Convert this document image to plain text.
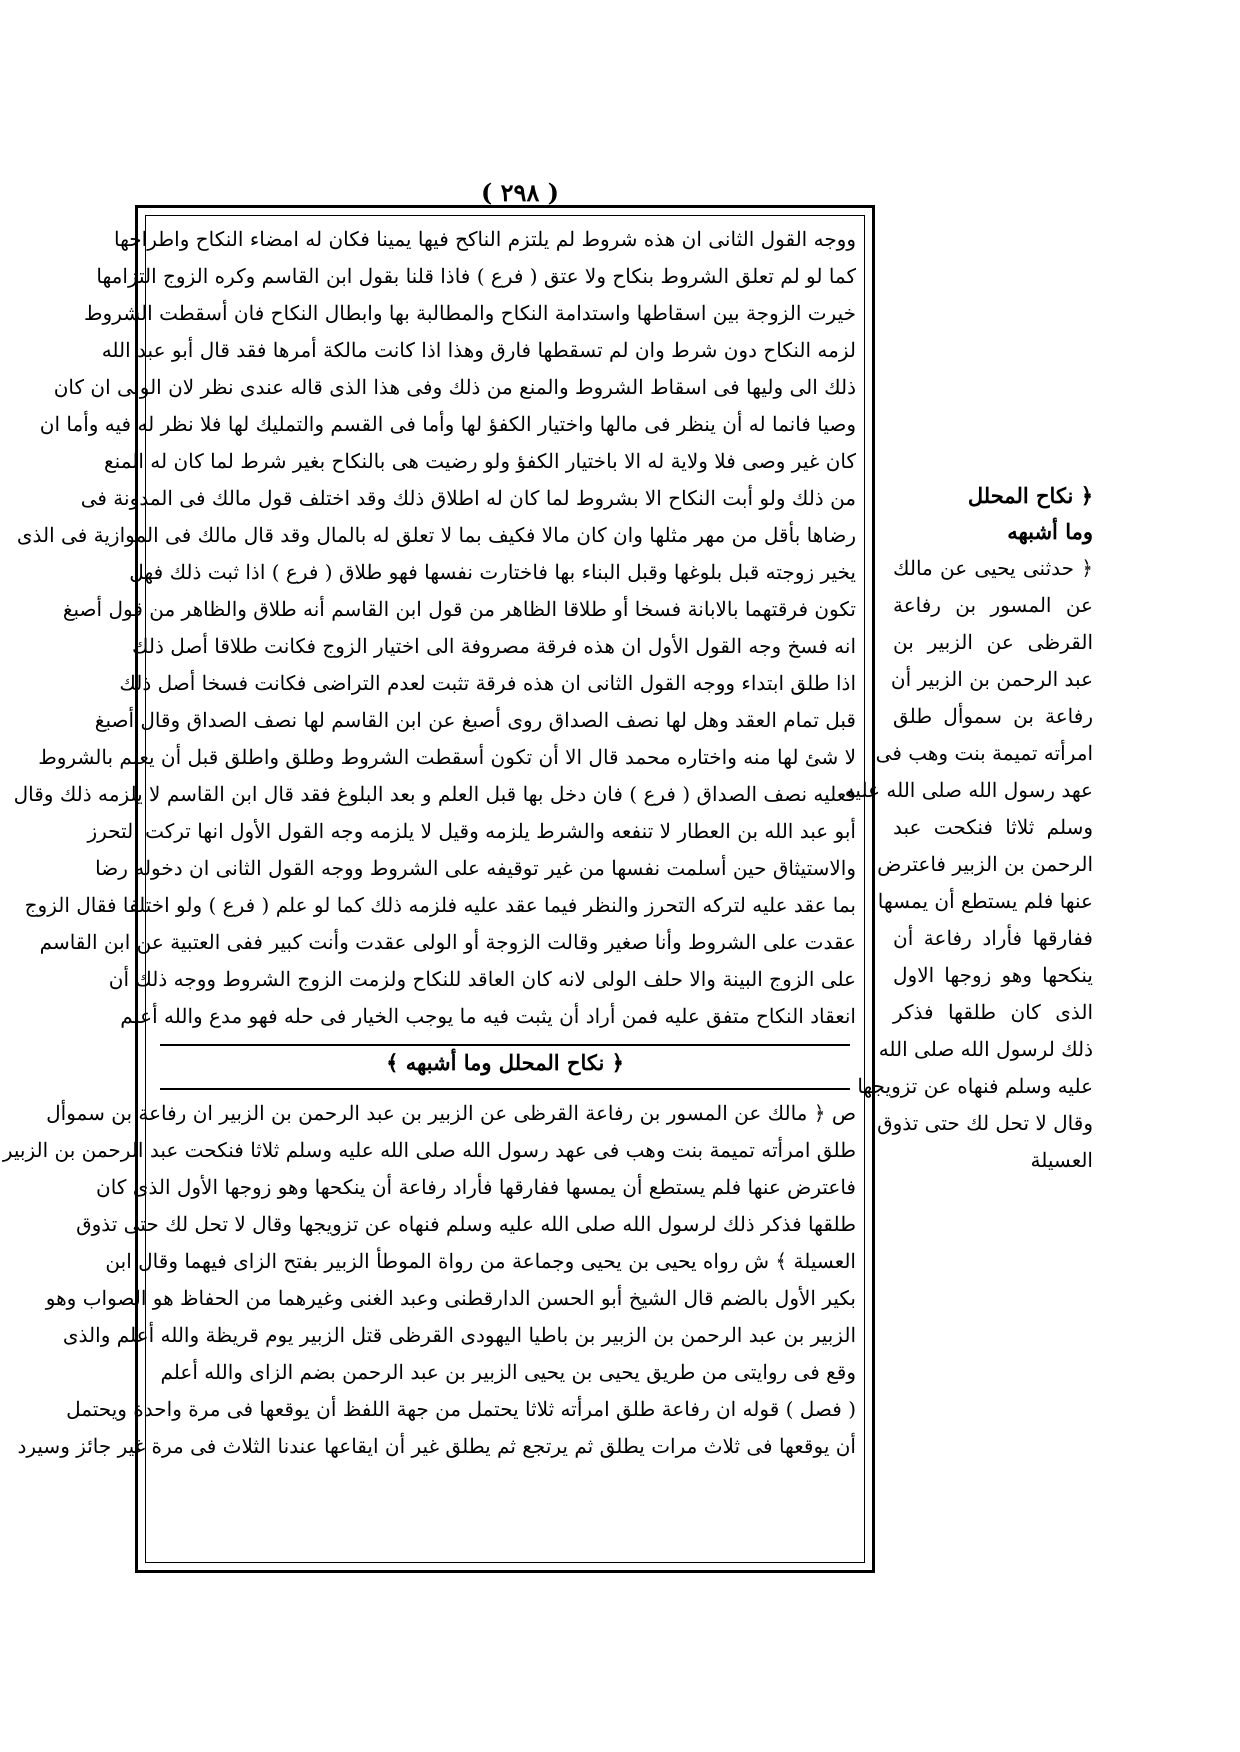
( ٢٩٨ )
ووجه القول الثانى ان هذه شروط لم يلتزم الناكح فيها يمينا فكان له امضاء النكاح واطراحها
كما لو لم تعلق الشروط بنكاح ولا عتق ( فرع ) فاذا قلنا بقول ابن القاسم وكره الزوج التزامها
خيرت الزوجة بين اسقاطها واستدامة النكاح والمطالبة بها وابطال النكاح فان أسقطت الشروط
لزمه النكاح دون شرط وان لم تسقطها فارق وهذا اذا كانت مالكة أمرها فقد قال أبو عبد الله
ذلك الى وليها فى اسقاط الشروط والمنع من ذلك وفى هذا الذى قاله عندى نظر لان الولى ان كان
وصيا فانما له أن ينظر فى مالها واختيار الكفؤ لها وأما فى القسم والتمليك لها فلا نظر له فيه وأما ان
كان غير وصى فلا ولاية له الا باختيار الكفؤ ولو رضيت هى بالنكاح بغير شرط لما كان له المنع
من ذلك ولو أبت النكاح الا بشروط لما كان له اطلاق ذلك وقد اختلف قول مالك فى المدونة فى
رضاها بأقل من مهر مثلها وان كان مالا فكيف بما لا تعلق له بالمال وقد قال مالك فى الموازية فى الذى
يخير زوجته قبل بلوغها وقبل البناء بها فاختارت نفسها فهو طلاق ( فرع ) اذا ثبت ذلك فهل
تكون فرقتهما بالابانة فسخا أو طلاقا الظاهر من قول ابن القاسم أنه طلاق والظاهر من قول أصبغ
انه فسخ وجه القول الأول ان هذه فرقة مصروفة الى اختيار الزوج فكانت طلاقا أصل ذلك
اذا طلق ابتداء ووجه القول الثانى ان هذه فرقة تثبت لعدم التراضى فكانت فسخا أصل ذلك
قبل تمام العقد وهل لها نصف الصداق روى أصبغ عن ابن القاسم لها نصف الصداق وقال أصبغ
لا شئ لها منه واختاره محمد قال الا أن تكون أسقطت الشروط وطلق واطلق قبل أن يعلم بالشروط
فعليه نصف الصداق ( فرع ) فان دخل بها قبل العلم و بعد البلوغ فقد قال ابن القاسم لا يلزمه ذلك وقال
أبو عبد الله بن العطار لا تنفعه والشرط يلزمه وقيل لا يلزمه وجه القول الأول انها تركت التحرز
والاستيثاق حين أسلمت نفسها من غير توقيفه على الشروط ووجه القول الثانى ان دخوله رضا
بما عقد عليه لتركه التحرز والنظر فيما عقد عليه فلزمه ذلك كما لو علم ( فرع ) ولو اختلفا فقال الزوج
عقدت على الشروط وأنا صغير وقالت الزوجة أو الولى عقدت وأنت كبير ففى العتبية عن ابن القاسم
على الزوج البينة والا حلف الولى لانه كان العاقد للنكاح ولزمت الزوج الشروط ووجه ذلك أن
انعقاد النكاح متفق عليه فمن أراد أن يثبت فيه ما يوجب الخيار فى حله فهو مدع والله أعلم
﴿ نكاح المحلل وما أشبهه ﴾
ص ﴿ مالك عن المسور بن رفاعة القرظى عن الزبير بن عبد الرحمن بن الزبير ان رفاعة بن سموأل
طلق امرأته تميمة بنت وهب فى عهد رسول الله صلى الله عليه وسلم ثلاثا فنكحت عبد الرحمن بن الزبير
فاعترض عنها فلم يستطع أن يمسها ففارقها فأراد رفاعة أن ينكحها وهو زوجها الأول الذى كان
طلقها فذكر ذلك لرسول الله صلى الله عليه وسلم فنهاه عن تزويجها وقال لا تحل لك حتى تذوق
العسيلة ﴾ ش رواه يحيى بن يحيى وجماعة من رواة الموطأ الزبير بفتح الزاى فيهما وقال ابن
بكير الأول بالضم قال الشيخ أبو الحسن الدارقطنى وعبد الغنى وغيرهما من الحفاظ هو الصواب وهو
الزبير بن عبد الرحمن بن الزبير بن باطيا اليهودى القرظى قتل الزبير يوم قريظة والله أعلم والذى
وقع فى روايتى من طريق يحيى بن يحيى الزبير بن عبد الرحمن بضم الزاى والله أعلم
( فصل ) قوله ان رفاعة طلق امرأته ثلاثا يحتمل من جهة اللفظ أن يوقعها فى مرة واحدة ويحتمل
أن يوقعها فى ثلاث مرات يطلق ثم يرتجع ثم يطلق غير أن ايقاعها عندنا الثلاث فى مرة غير جائز وسيرد
﴿ نكاح المحلل
وما أشبهه
﴿ حدثنى يحيى عن مالك
عن المسور بن رفاعة
القرظى عن الزبير بن
عبد الرحمن بن الزبير أن
رفاعة بن سموأل طلق
امرأته تميمة بنت وهب فى
عهد رسول الله صلى الله عليه
وسلم ثلاثا فنكحت عبد
الرحمن بن الزبير فاعترض
عنها فلم يستطع أن يمسها
ففارقها فأراد رفاعة أن
ينكحها وهو زوجها الاول
الذى كان طلقها فذكر
ذلك لرسول الله صلى الله
عليه وسلم فنهاه عن تزويجها
وقال لا تحل لك حتى تذوق
العسيلة
